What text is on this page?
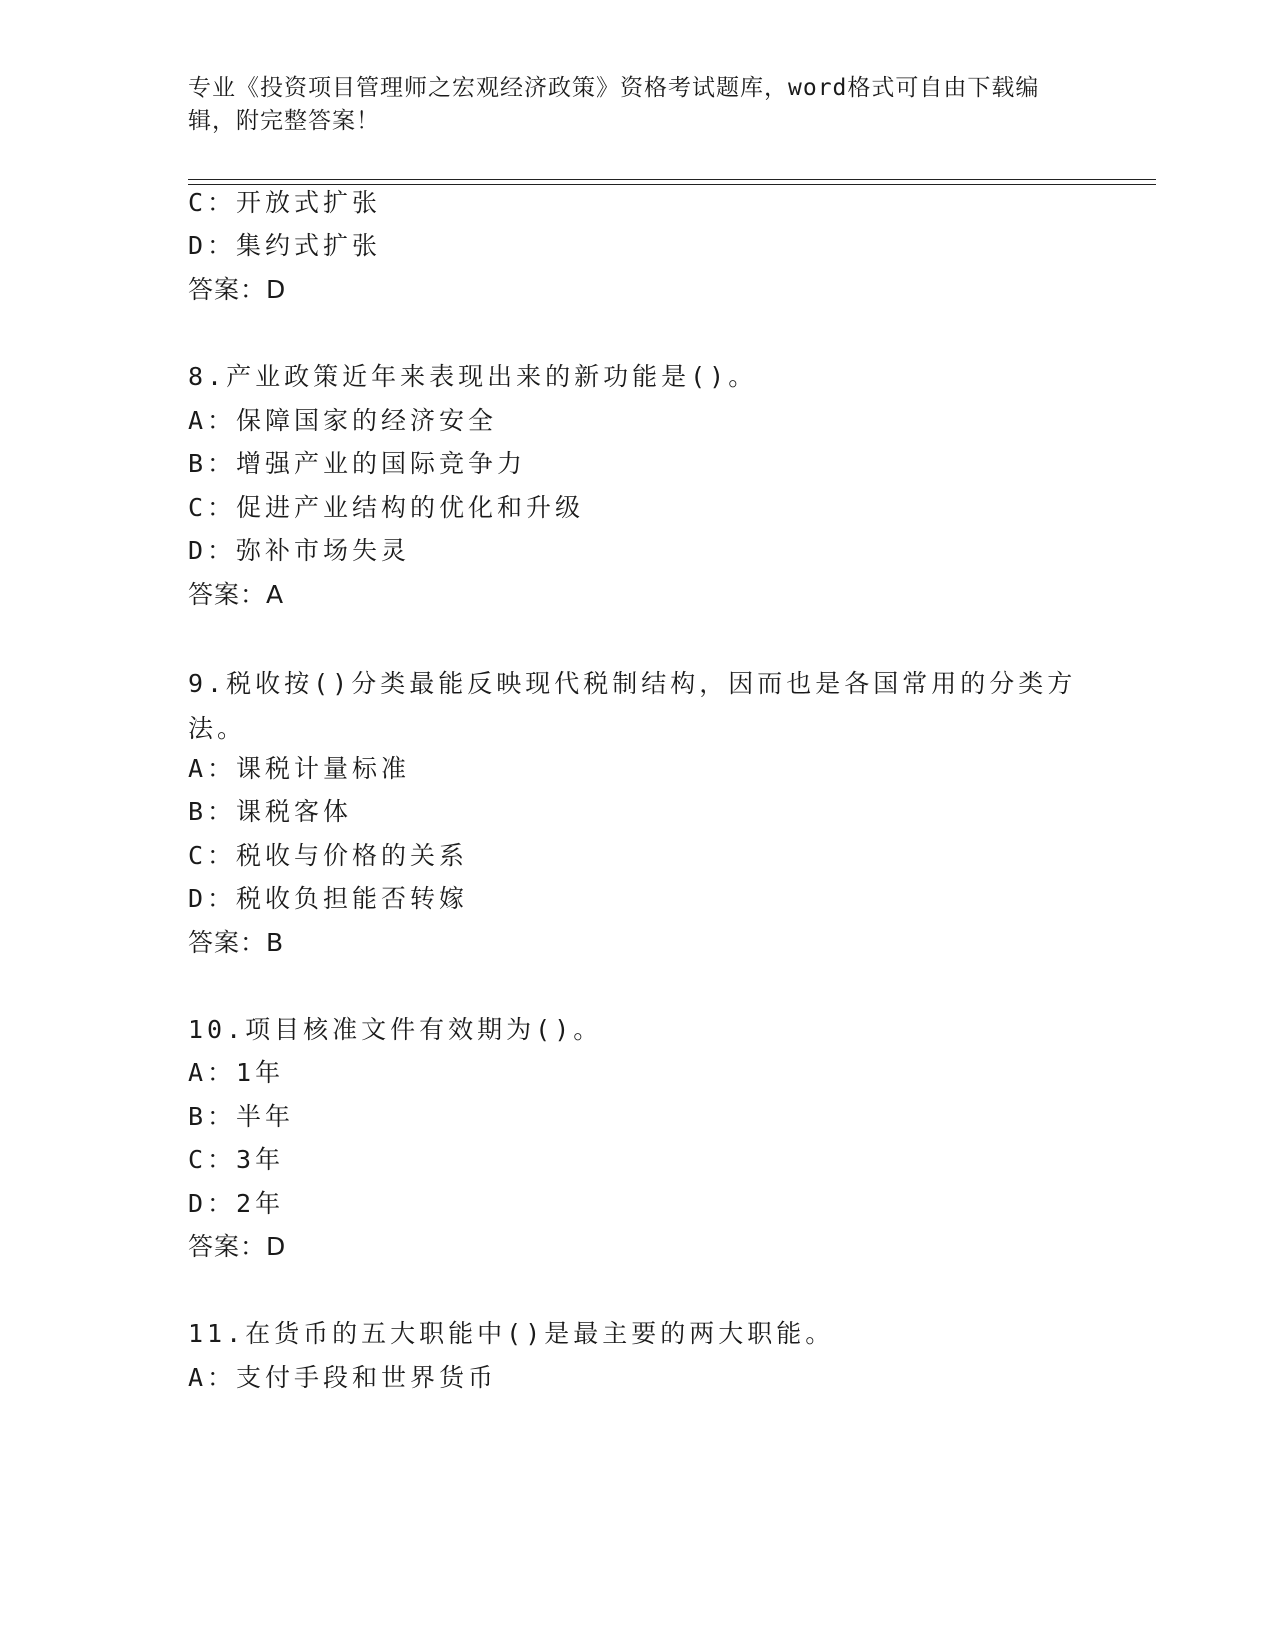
专业《投资项目管理师之宏观经济政策》资格考试题库，word格式可自由下载编辑，附完整答案！
C：开放式扩张
D：集约式扩张
答案：D
8.产业政策近年来表现出来的新功能是()。
A：保障国家的经济安全
B：增强产业的国际竞争力
C：促进产业结构的优化和升级
D：弥补市场失灵
答案：A
9.税收按()分类最能反映现代税制结构，因而也是各国常用的分类方法。
A：课税计量标准
B：课税客体
C：税收与价格的关系
D：税收负担能否转嫁
答案：B
10.项目核准文件有效期为()。
A：1年
B：半年
C：3年
D：2年
答案：D
11.在货币的五大职能中()是最主要的两大职能。
A：支付手段和世界货币
